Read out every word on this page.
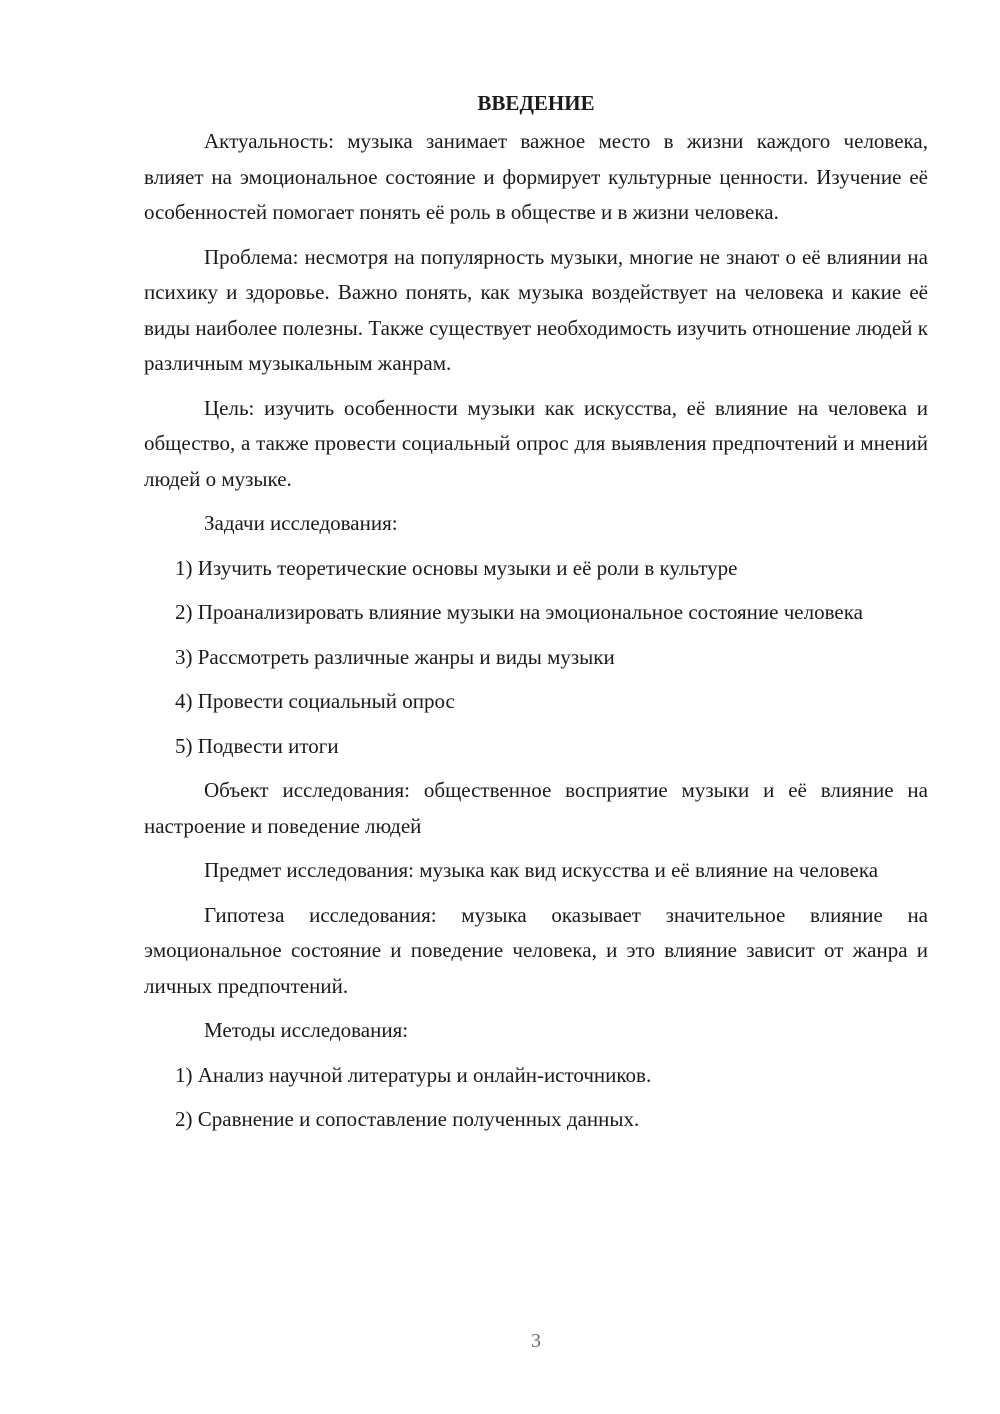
ВВЕДЕНИЕ

Актуальность: музыка занимает важное место в жизни каждого человека, влияет на эмоциональное состояние и формирует культурные ценности. Изучение её особенностей помогает понять её роль в обществе и в жизни человека.

Проблема: несмотря на популярность музыки, многие не знают о её влиянии на психику и здоровье. Важно понять, как музыка воздействует на человека и какие её виды наиболее полезны. Также существует необходимость изучить отношение людей к различным музыкальным жанрам.

Цель: изучить особенности музыки как искусства, её влияние на человека и общество, а также провести социальный опрос для выявления предпочтений и мнений людей о музыке.

Задачи исследования:

1) Изучить теоретические основы музыки и её роли в культуре

2) Проанализировать влияние музыки на эмоциональное состояние человека

3) Рассмотреть различные жанры и виды музыки

4) Провести социальный опрос

5) Подвести итоги

Объект исследования: общественное восприятие музыки и её влияние на настроение и поведение людей

Предмет исследования: музыка как вид искусства и её влияние на человека

Гипотеза исследования: музыка оказывает значительное влияние на эмоциональное состояние и поведение человека, и это влияние зависит от жанра и личных предпочтений.

Методы исследования:

1) Анализ научной литературы и онлайн-источников.

2) Сравнение и сопоставление полученных данных.

3
